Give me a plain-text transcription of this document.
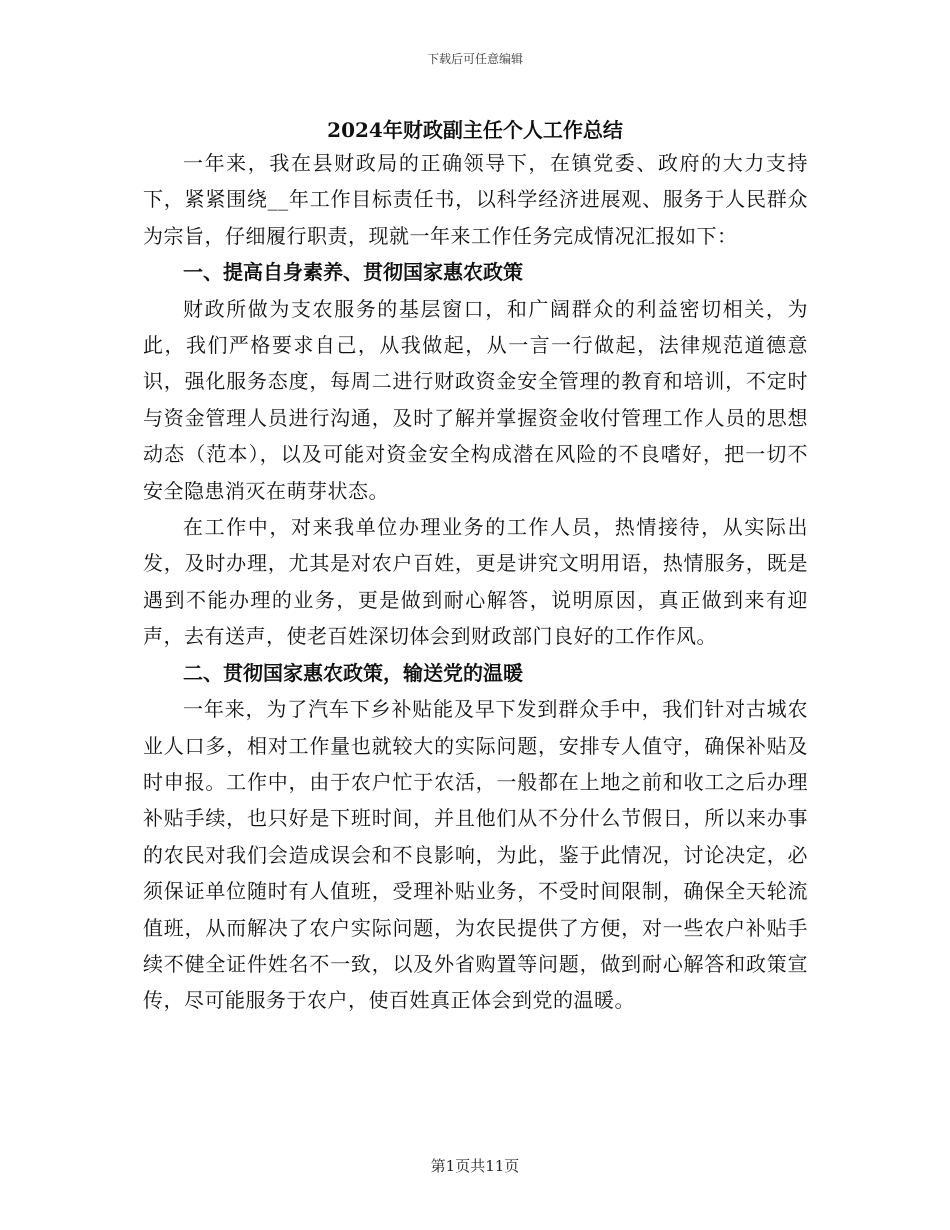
下载后可任意编辑
2024年财政副主任个人工作总结

一年来，我在县财政局的正确领导下，在镇党委、政府的大力支持下，紧紧围绕__年工作目标责任书，以科学经济进展观、服务于人民群众为宗旨，仔细履行职责，现就一年来工作任务完成情况汇报如下：

一、提高自身素养、贯彻国家惠农政策

财政所做为支农服务的基层窗口，和广阔群众的利益密切相关，为此，我们严格要求自己，从我做起，从一言一行做起，法律规范道德意识，强化服务态度，每周二进行财政资金安全管理的教育和培训，不定时与资金管理人员进行沟通，及时了解并掌握资金收付管理工作人员的思想动态（范本），以及可能对资金安全构成潜在风险的不良嗜好，把一切不安全隐患消灭在萌芽状态。

在工作中，对来我单位办理业务的工作人员，热情接待，从实际出发，及时办理，尤其是对农户百姓，更是讲究文明用语，热情服务，既是遇到不能办理的业务，更是做到耐心解答，说明原因，真正做到来有迎声，去有送声，使老百姓深切体会到财政部门良好的工作作风。

二、贯彻国家惠农政策，输送党的温暖

一年来，为了汽车下乡补贴能及早下发到群众手中，我们针对古城农业人口多，相对工作量也就较大的实际问题，安排专人值守，确保补贴及时申报。工作中，由于农户忙于农活，一般都在上地之前和收工之后办理补贴手续，也只好是下班时间，并且他们从不分什么节假日，所以来办事的农民对我们会造成误会和不良影响，为此，鉴于此情况，讨论决定，必须保证单位随时有人值班，受理补贴业务，不受时间限制，确保全天轮流值班，从而解决了农户实际问题，为农民提供了方便，对一些农户补贴手续不健全证件姓名不一致，以及外省购置等问题，做到耐心解答和政策宣传，尽可能服务于农户，使百姓真正体会到党的温暖。

第1页共11页
